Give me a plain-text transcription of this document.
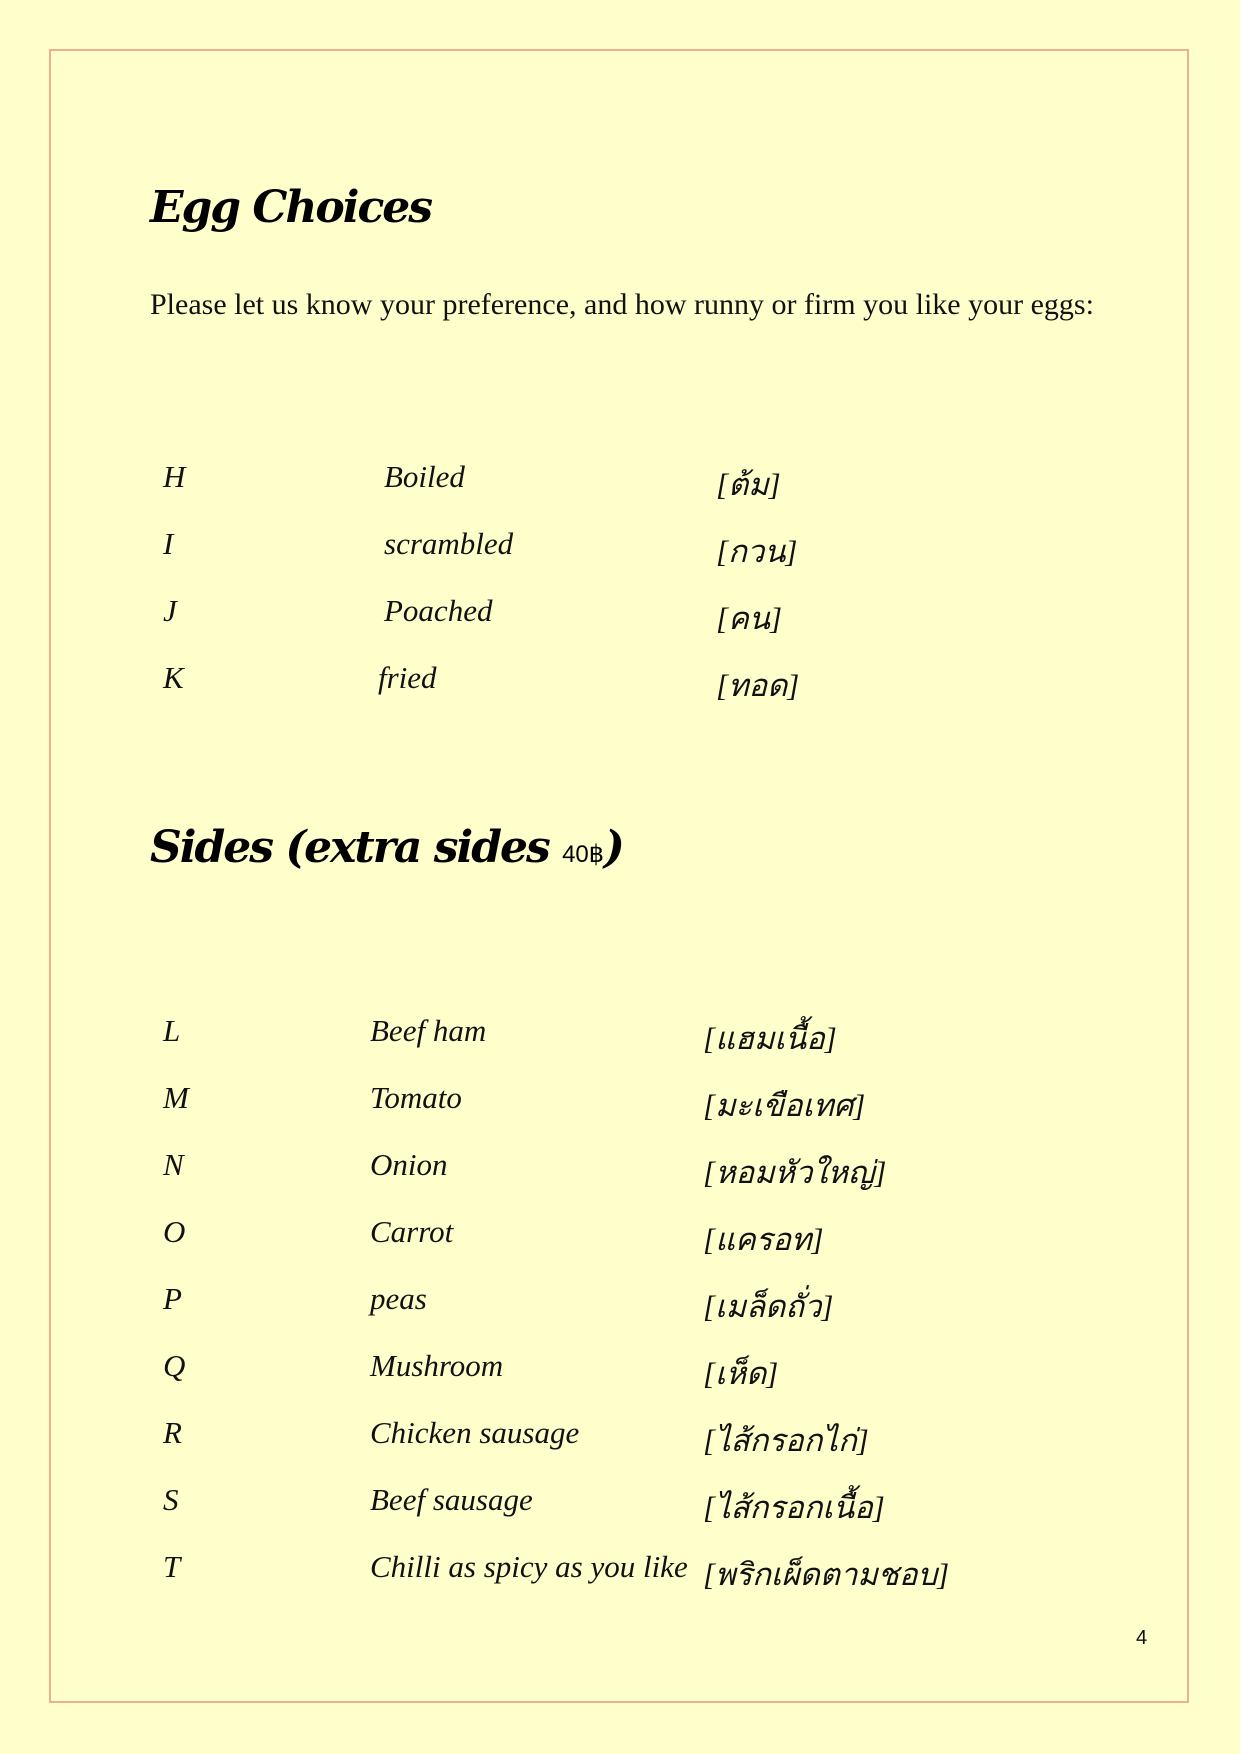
Egg Choices

Please let us know your preference, and how runny or firm you like your eggs:

H	Boiled	[ต้ม]
I	scrambled	[กวน]
J	Poached	[คน]
K	fried	[ทอด]
Sides (extra sides 40฿)
L	Beef ham	[แฮมเนื้อ]
M	Tomato	[มะเขือเทศ]
N	Onion	[หอมหัวใหญ่]
O	Carrot	[แครอท]
P	peas	[เมล็ดถั่ว]
Q	Mushroom	[เห็ด]
R	Chicken sausage	[ไส้กรอกไก่]
S	Beef sausage	[ไส้กรอกเนื้อ]
T	Chilli as spicy as you like [พริกเผ็ดตามชอบ]
4
